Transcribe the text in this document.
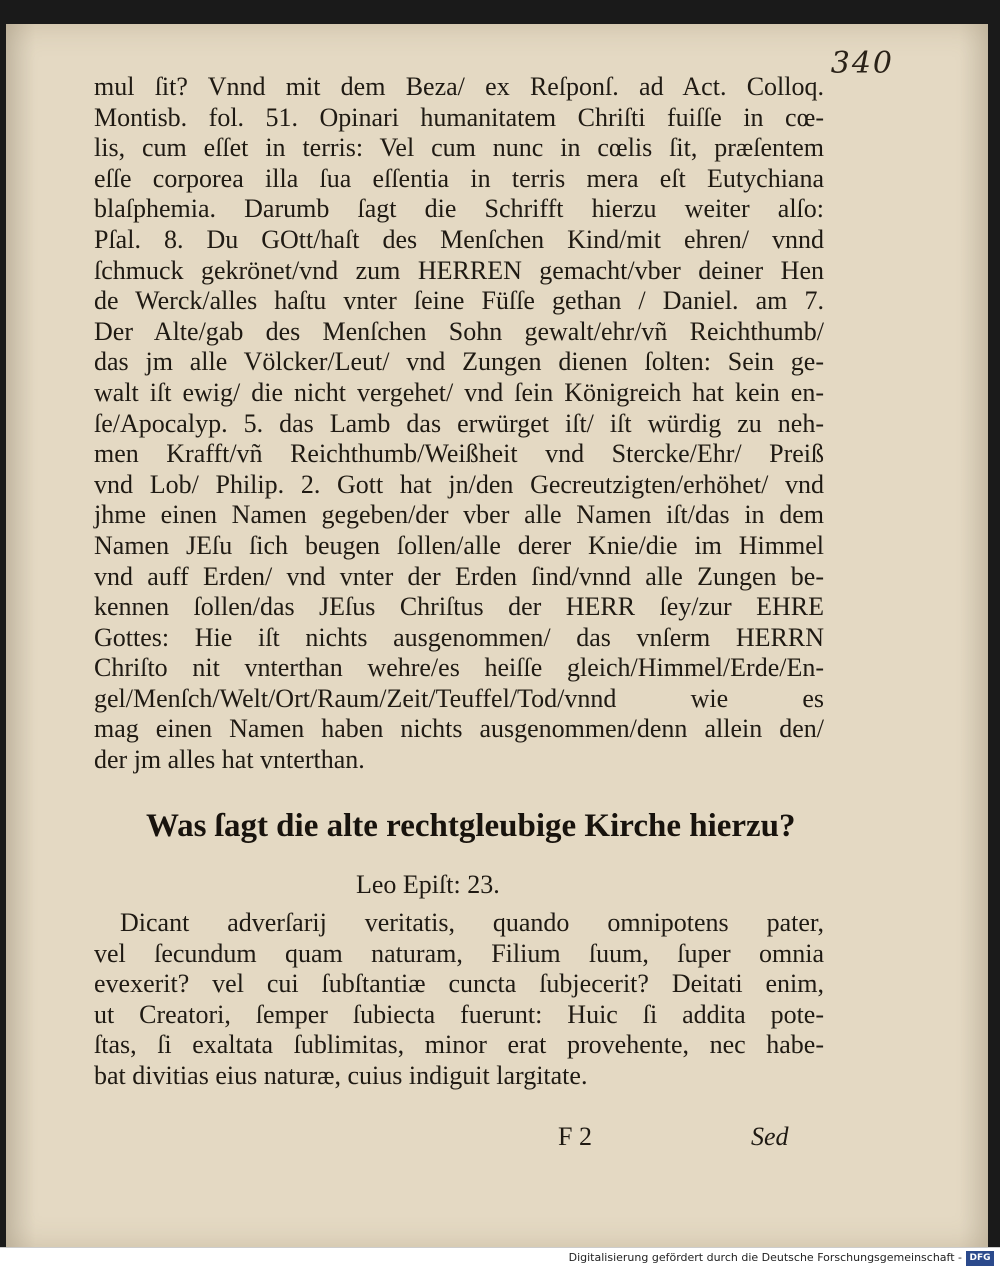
340
mul ſit? Vnnd mit dem Beza/ ex Reſponſ. ad Act. Colloq.
Montisb. fol. 51. Opinari humanitatem Chriſti fuiſſe in cœ-
lis, cum eſſet in terris: Vel cum nunc in cœlis ſit, præſentem
eſſe corporea illa ſua eſſentia in terris mera eſt Eutychiana
blaſphemia. Darumb ſagt die Schrifft hierzu weiter alſo:
Pſal. 8. Du GOtt/haſt des Menſchen Kind/mit ehren/ vnnd
ſchmuck gekrönet/vnd zum HERREN gemacht/vber deiner Hen
de Werck/alles haſtu vnter ſeine Füſſe gethan / Daniel. am 7.
Der Alte/gab des Menſchen Sohn gewalt/ehr/vñ Reichthumb/
das jm alle Völcker/Leut/ vnd Zungen dienen ſolten: Sein ge-
walt iſt ewig/ die nicht vergehet/ vnd ſein Königreich hat kein en-
ſe/Apocalyp. 5. das Lamb das erwürget iſt/ iſt würdig zu neh-
men Krafft/vñ Reichthumb/Weißheit vnd Stercke/Ehr/ Preiß
vnd Lob/ Philip. 2. Gott hat jn/den Gecreutzigten/erhöhet/ vnd
jhme einen Namen gegeben/der vber alle Namen iſt/das in dem
Namen JEſu ſich beugen ſollen/alle derer Knie/die im Himmel
vnd auff Erden/ vnd vnter der Erden ſind/vnnd alle Zungen be-
kennen ſollen/das JEſus Chriſtus der HERR ſey/zur EHRE
Gottes: Hie iſt nichts ausgenommen/ das vnſerm HERRN
Chriſto nit vnterthan wehre/es heiſſe gleich/Himmel/Erde/En-
gel/Menſch/Welt/Ort/Raum/Zeit/Teuffel/Tod/vnnd wie es
mag einen Namen haben nichts ausgenommen/denn allein den/
der jm alles hat vnterthan.
Was ſagt die alte rechtgleubige Kirche hierzu?
Leo Epiſt: 23.
Dicant adverſarij veritatis, quando omnipotens pater,
vel ſecundum quam naturam, Filium ſuum, ſuper omnia
evexerit? vel cui ſubſtantiæ cuncta ſubjecerit? Deitati enim,
ut Creatori, ſemper ſubiecta fuerunt: Huic ſi addita pote-
ſtas, ſi exaltata ſublimitas, minor erat provehente, nec habe-
bat divitias eius naturæ, cuius indiguit largitate.
F 2	Sed
Digitalisierung gefördert durch die Deutsche Forschungsgemeinschaft - DFG
